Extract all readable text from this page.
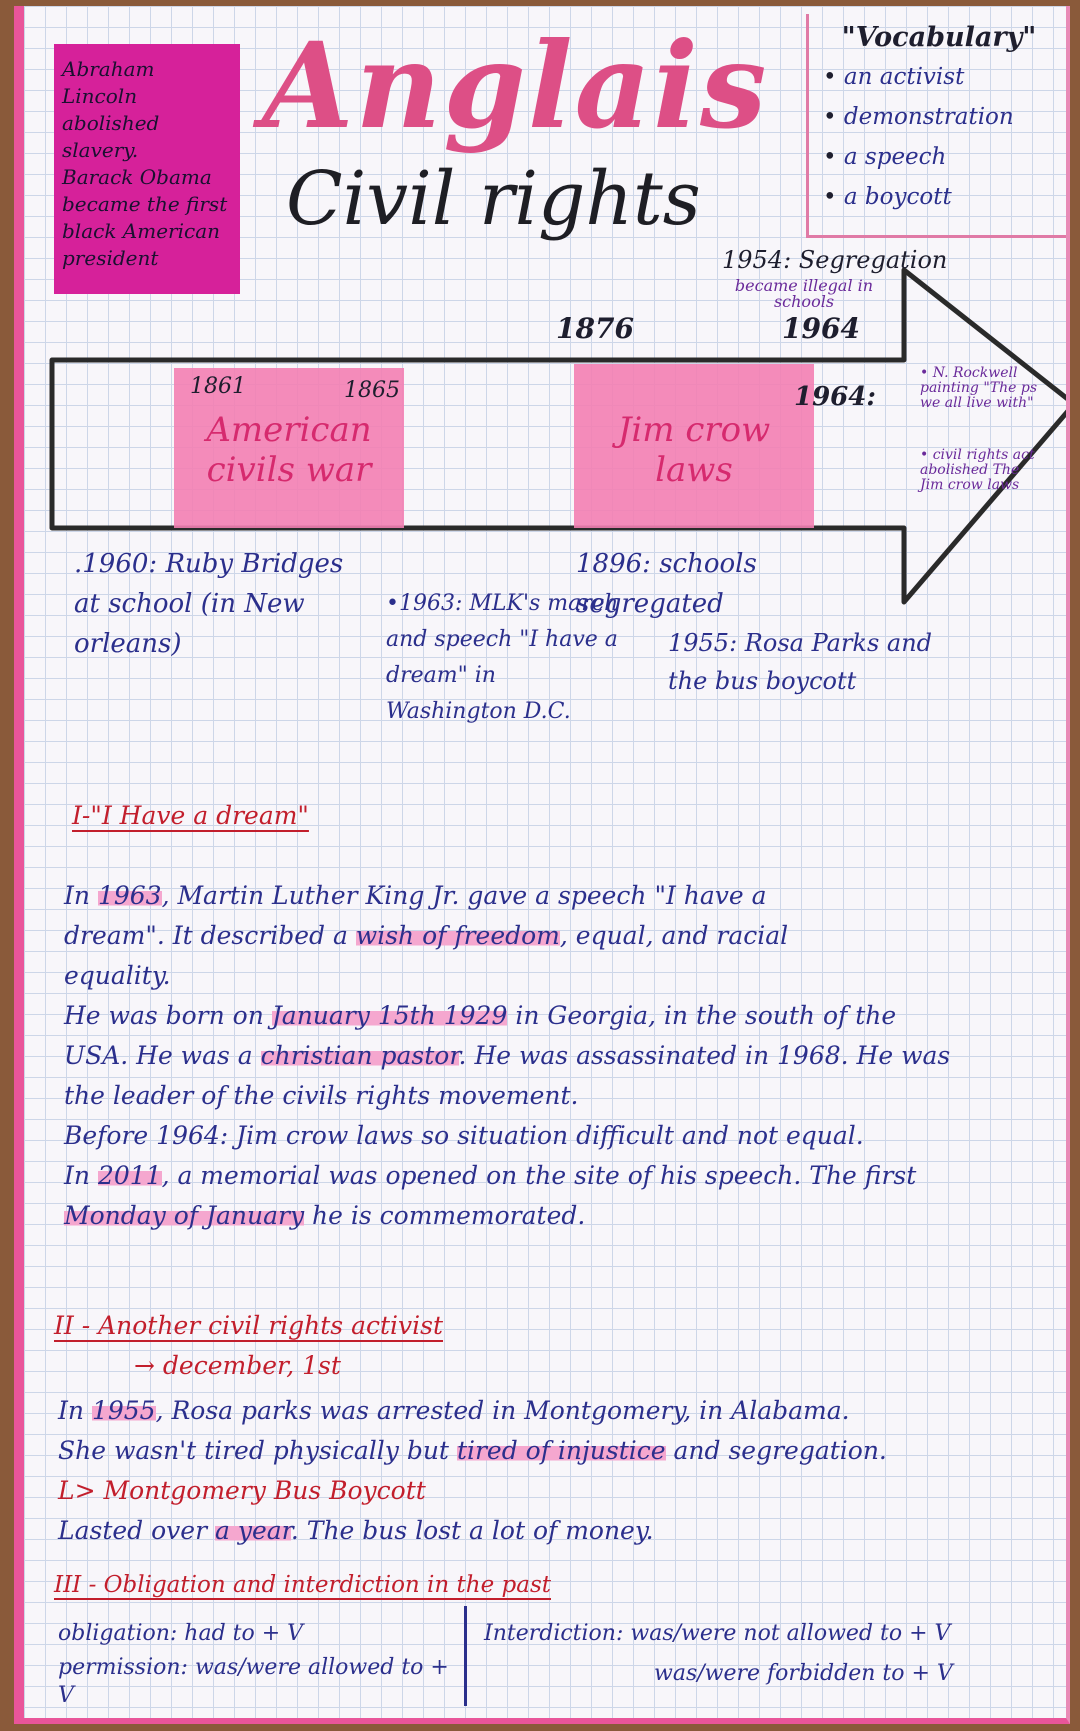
Abraham
Lincoln abolished
slavery.
Barack Obama
became the first
black American
president
Anglais
Civil rights
"Vocabulary"
• an activist
• demonstration
• a speech
• a boycott
1861	1865
American civils war
Jim crow laws
1876
1954: Segregation
became illegal in schools
1964
1964:
• N. Rockwell painting "The ps we all live with"
• civil rights act abolished The Jim crow laws
.1960: Ruby Bridges at school (in New orleans)
•1963: MLK's march and speech "I have a dream" in Washington D.C.
1896: schools segregated
1955: Rosa Parks and the bus boycott
I-"I Have a dream"
In 1963, Martin Luther King Jr. gave a speech "I have a
dream". It described a wish of freedom, equal, and racial
equality.
He was born on January 15th 1929 in Georgia, in the south of the
USA. He was a christian pastor. He was assassinated in 1968. He was
the leader of the civils rights movement.
Before 1964: Jim crow laws so situation difficult and not equal.
In 2011, a memorial was opened on the site of his speech. The first
Monday of January he is commemorated.
II - Another civil rights activist
→ december, 1st
In 1955, Rosa parks was arrested in Montgomery, in Alabama.
She wasn't tired physically but tired of injustice and segregation.
L> Montgomery Bus Boycott
Lasted over a year. The bus lost a lot of money.
III - Obligation and interdiction in the past
obligation: had to + V
permission: was/were allowed to + V
Interdiction: was/were not allowed to + V
was/were forbidden to + V
